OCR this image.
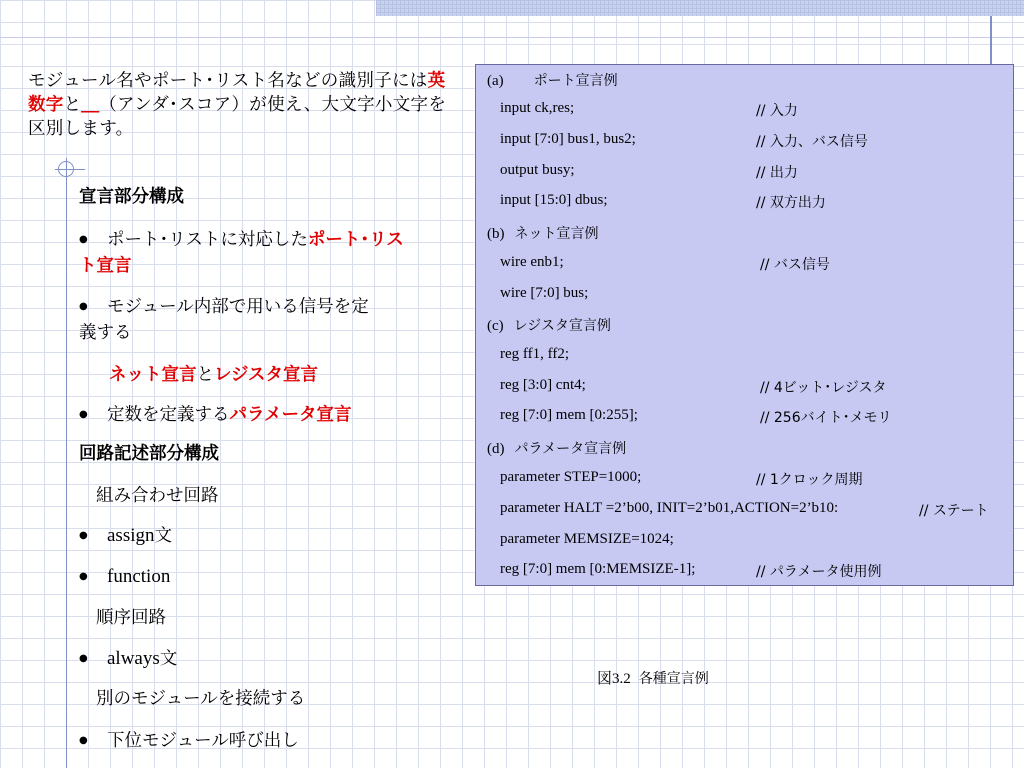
モジュール名やポート･リスト名などの識別子には英数字と＿（アンダ･スコア）が使え、大文字小文字を区別します。
宣言部分構成
●ポート･リストに対応したポート･リス
ト宣言
●モジュール内部で用いる信号を定
義する
ネット宣言とレジスタ宣言
●定数を定義するパラメータ宣言
回路記述部分構成
組み合わせ回路
●assign文
●function
順序回路
●always文
別のモジュールを接続する
●下位モジュール呼び出し
(a) ポート宣言例
input ck,res;	// 入力
input [7:0] bus1, bus2;	// 入力、バス信号
output busy;	// 出力
input [15:0] dbus;	// 双方出力
(b) ネット宣言例
wire enb1;	// バス信号
wire [7:0] bus;
(c) レジスタ宣言例
reg ff1, ff2;
reg [3:0] cnt4;	// 4ビット･レジスタ
reg [7:0] mem [0:255];	// 256バイト･メモリ
(d) パラメータ宣言例
parameter STEP=1000;	// 1クロック周期
parameter HALT =2’b00, INIT=2’b01,ACTION=2’b10:	// ステート
parameter MEMSIZE=1024;
reg [7:0] mem [0:MEMSIZE-1];	// パラメータ使用例
図3.2 各種宣言例
